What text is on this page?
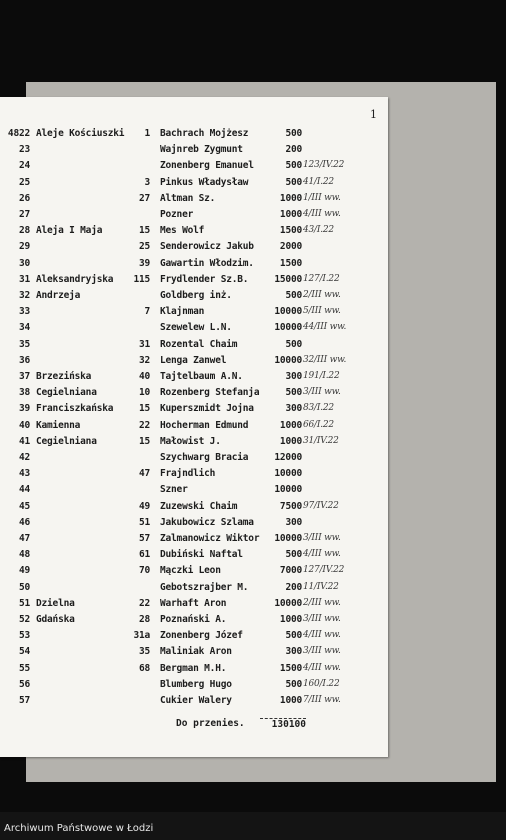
1
4822 Aleje Kościuszki	1 Bachrach Mojżesz	500
23	Wajnreb Zygmunt	200
24	Zonenberg Emanuel	500 123/IV.22
25	3 Pinkus Władysław	500 41/I.22
26	27 Altman Sz.	1000 1/III ww.
27	Pozner	1000 4/III ww.
28 Aleja I Maja	15 Mes Wolf	1500 43/I.22
29	25 Senderowicz Jakub	2000
30	39 Gawartin Włodzim.	1500
31 Aleksandryjska	115 Frydlender Sz.B.	15000 127/I.22
32 Andrzeja	Goldberg inż.	500 2/III ww.
33	7 Klajnman	10000 5/III ww.
34	Szewelew L.N.	10000 44/III ww.
35	31 Rozental Chaim	500
36	32 Lenga Zanwel	10000 32/III ww.
37 Brzezińska	40 Tajtelbaum A.N.	300 191/I.22
38 Cegielniana	10 Rozenberg Stefanja	500 3/III ww.
39 Franciszkańska	15 Kuperszmidt Jojna	300 83/I.22
40 Kamienna	22 Hocherman Edmund	1000 66/I.22
41 Cegielniana	15 Małowist J.	1000 31/IV.22
42	Szychwarg Bracia	12000
43	47 Frajndlich	10000
44	Szner	10000
45	49 Zuzewski Chaim	7500 97/IV.22
46	51 Jakubowicz Szlama	300
47	57 Zalmanowicz Wiktor	10000 3/III ww.
48	61 Dubiński Naftal	500 4/III ww.
49	70 Mączki Leon	7000 127/IV.22
50	Gebotszrajber M.	200 11/IV.22
51 Dzielna	22 Warhaft Aron	10000 2/III ww.
52 Gdańska	28 Poznański A.	1000 3/III ww.
53	31a Zonenberg Józef	500 4/III ww.
54	35 Maliniak Aron	300 3/III ww.
55	68 Bergman M.H.	1500 4/III ww.
56	Blumberg Hugo	500 160/I.22
57	Cukier Walery	1000 7/III ww.
Do przenies.	130100
Archiwum Państwowe w Łodzi
